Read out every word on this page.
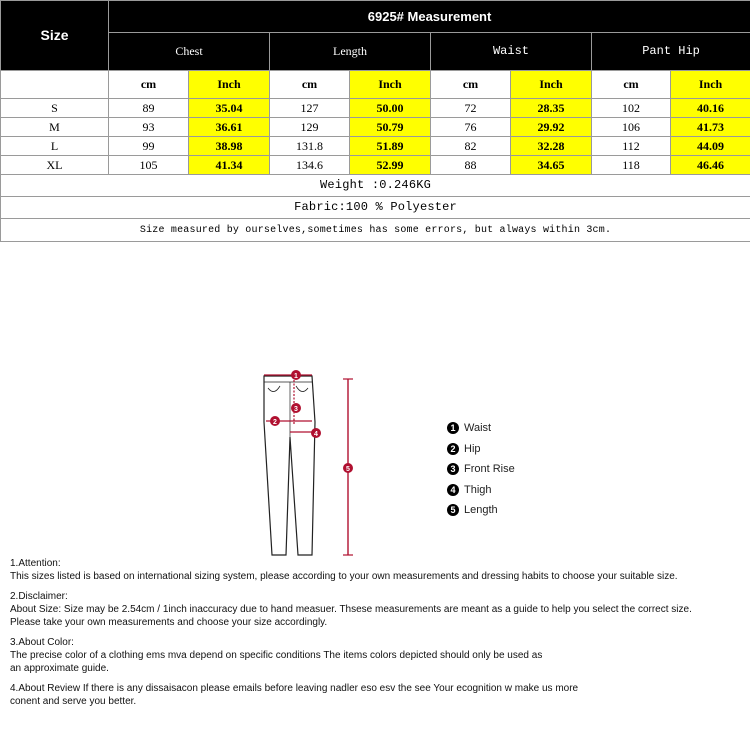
Size	6925# Measurement							
	Chest		Length		Waist		Pant Hip	
	cm	Inch	cm	Inch	cm	Inch	cm	Inch
S	89	35.04	127	50.00	72	28.35	102	40.16
M	93	36.61	129	50.79	76	29.92	106	41.73
L	99	38.98	131.8	51.89	82	32.28	112	44.09
XL	105	41.34	134.6	52.99	88	34.65	118	46.46
Weight :0.246KG								
Fabric:100 % Polyester								
Size measured by ourselves,sometimes has some errors, but always within 3cm.								
1
2
3
4
5
1 Waist
2 Hip
3 Front Rise
4 Thigh
5 Length
1.Attention:
This sizes listed is based on international sizing system, please according to your own measurements and dressing habits to choose your suitable size.
2.Disclaimer:
About Size: Size may be 2.54cm / 1inch inaccuracy due to hand measuer. Thsese measurements are meant as a guide to help you select the correct size.
Please take your own measurements and choose your size accordingly.
3.About Color:
The precise color of a clothing ems mva depend on specific conditions The items colors depicted should only be used as
an approximate guide.
4.About Review If there is any dissaisacon please emails before leaving nadler eso esv the see Your ecognition w make us more
conent and serve you better.
